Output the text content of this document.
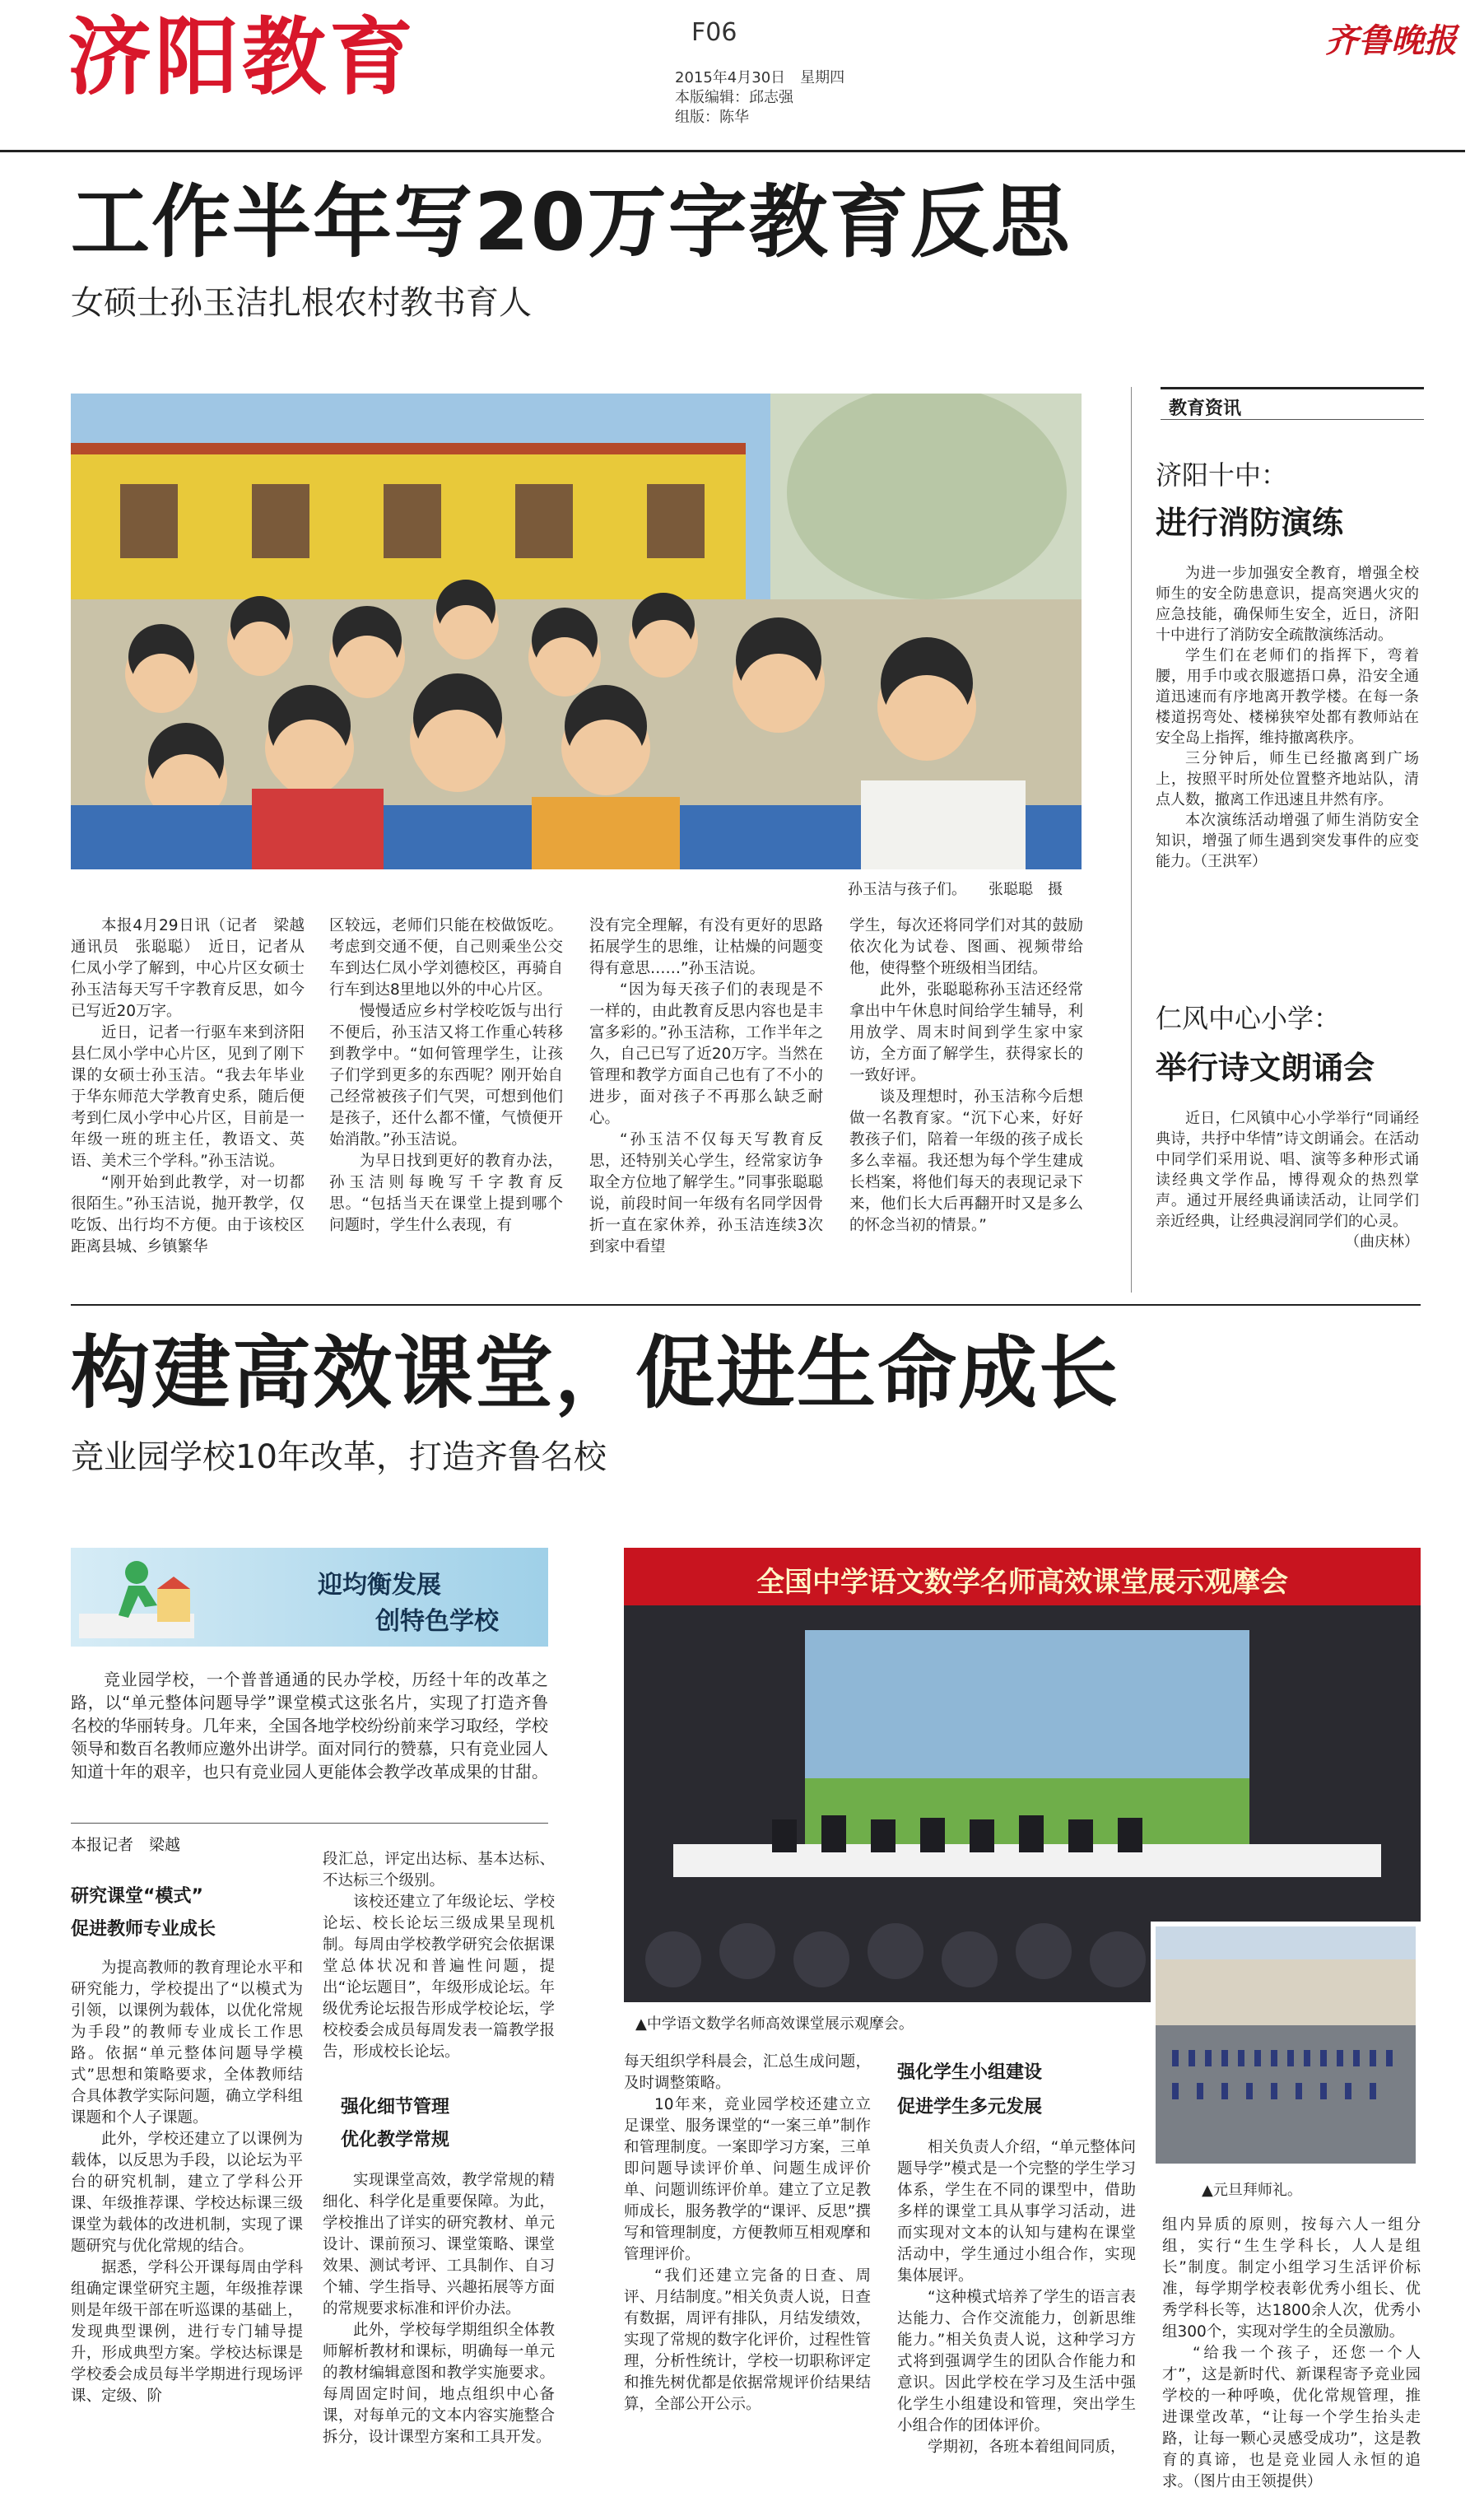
济阳教育	F06
2015年4月30日　星期四
本版编辑：邱志强
组版：陈华
齐鲁晚报
工作半年写20万字教育反思
女硕士孙玉洁扎根农村教书育人
孙玉洁与孩子们。　　张聪聪　摄

本报4月29日讯（记者　梁越　通讯员　张聪聪）　近日，记者从仁凤小学了解到，中心片区女硕士孙玉洁每天写千字教育反思，如今已写近20万字。

近日，记者一行驱车来到济阳县仁凤小学中心片区，见到了刚下课的女硕士孙玉洁。“我去年毕业于华东师范大学教育史系，随后便考到仁凤小学中心片区，目前是一年级一班的班主任，教语文、英语、美术三个学科。”孙玉洁说。

“刚开始到此教学，对一切都很陌生。”孙玉洁说，抛开教学，仅吃饭、出行均不方便。由于该校区距离县城、乡镇繁华

区较远，老师们只能在校做饭吃。考虑到交通不便，自己则乘坐公交车到达仁凤小学刘德校区，再骑自行车到达8里地以外的中心片区。

慢慢适应乡村学校吃饭与出行不便后，孙玉洁又将工作重心转移到教学中。“如何管理学生，让孩子们学到更多的东西呢？刚开始自己经常被孩子们气哭，可想到他们是孩子，还什么都不懂，气愤便开始消散。”孙玉洁说。

为早日找到更好的教育办法，孙玉洁则每晚写千字教育反思。“包括当天在课堂上提到哪个问题时，学生什么表现，有

没有完全理解，有没有更好的思路拓展学生的思维，让枯燥的问题变得有意思……”孙玉洁说。

“因为每天孩子们的表现是不一样的，由此教育反思内容也是丰富多彩的。”孙玉洁称，工作半年之久，自己已写了近20万字。当然在管理和教学方面自己也有了不小的进步，面对孩子不再那么缺乏耐心。

“孙玉洁不仅每天写教育反思，还特别关心学生，经常家访争取全方位地了解学生。”同事张聪聪说，前段时间一年级有名同学因骨折一直在家休养，孙玉洁连续3次到家中看望

学生，每次还将同学们对其的鼓励依次化为试卷、图画、视频带给他，使得整个班级相当团结。

此外，张聪聪称孙玉洁还经常拿出中午休息时间给学生辅导，利用放学、周末时间到学生家中家访，全方面了解学生，获得家长的一致好评。

谈及理想时，孙玉洁称今后想做一名教育家。“沉下心来，好好教孩子们，陪着一年级的孩子成长多么幸福。我还想为每个学生建成长档案，将他们每天的表现记录下来，他们长大后再翻开时又是多么的怀念当初的情景。”

教育资讯
济阳十中：
进行消防演练

为进一步加强安全教育，增强全校师生的安全防患意识，提高突遇火灾的应急技能，确保师生安全，近日，济阳十中进行了消防安全疏散演练活动。

学生们在老师们的指挥下，弯着腰，用手巾或衣服遮捂口鼻，沿安全通道迅速而有序地离开教学楼。在每一条楼道拐弯处、楼梯狭窄处都有教师站在安全岛上指挥，维持撤离秩序。

三分钟后，师生已经撤离到广场上，按照平时所处位置整齐地站队，清点人数，撤离工作迅速且井然有序。

本次演练活动增强了师生消防安全知识，增强了师生遇到突发事件的应变能力。（王洪军）

仁风中心小学：
举行诗文朗诵会

近日，仁风镇中心小学举行“同诵经典诗，共抒中华情”诗文朗诵会。在活动中同学们采用说、唱、演等多种形式诵读经典文学作品，博得观众的热烈掌声。通过开展经典诵读活动，让同学们亲近经典，让经典浸润同学们的心灵。

（曲庆林）
构建高效课堂，促进生命成长
竞业园学校10年改革，打造齐鲁名校
迎均衡发展
创特色学校

竞业园学校，一个普普通通的民办学校，历经十年的改革之路，以“单元整体问题导学”课堂模式这张名片，实现了打造齐鲁名校的华丽转身。几年来，全国各地学校纷纷前来学习取经，学校领导和数百名教师应邀外出讲学。面对同行的赞慕，只有竞业园人知道十年的艰辛，也只有竞业园人更能体会教学改革成果的甘甜。

本报记者　梁越
全国中学语文数学名师高效课堂展示观摩会
▲中学语文数学名师高效课堂展示观摩会。
▲元旦拜师礼。
研究课堂“模式”
促进教师专业成长

为提高教师的教育理论水平和研究能力，学校提出了“以模式为引领，以课例为载体，以优化常规为手段”的教师专业成长工作思路。依据“单元整体问题导学模式”思想和策略要求，全体教师结合具体教学实际问题，确立学科组课题和个人子课题。

此外，学校还建立了以课例为载体，以反思为手段，以论坛为平台的研究机制，建立了学科公开课、年级推荐课、学校达标课三级课堂为载体的改进机制，实现了课题研究与优化常规的结合。

据悉，学科公开课每周由学科组确定课堂研究主题，年级推荐课则是年级干部在听巡课的基础上，发现典型课例，进行专门辅导提升，形成典型方案。学校达标课是学校委会成员每半学期进行现场评课、定级、阶

段汇总，评定出达标、基本达标、不达标三个级别。

该校还建立了年级论坛、学校论坛、校长论坛三级成果呈现机制。每周由学校教学研究会依据课堂总体状况和普遍性问题，提出“论坛题目”，年级形成论坛。年级优秀论坛报告形成学校论坛，学校校委会成员每周发表一篇教学报告，形成校长论坛。

强化细节管理
优化教学常规

实现课堂高效，教学常规的精细化、科学化是重要保障。为此，学校推出了详实的研究教材、单元设计、课前预习、课堂策略、课堂效果、测试考评、工具制作、自习个辅、学生指导、兴趣拓展等方面的常规要求标准和评价办法。

此外，学校每学期组织全体教师解析教材和课标，明确每一单元的教材编辑意图和教学实施要求。每周固定时间，地点组织中心备课，对每单元的文本内容实施整合拆分，设计课型方案和工具开发。

每天组织学科晨会，汇总生成问题，及时调整策略。

10年来，竞业园学校还建立立足课堂、服务课堂的“一案三单”制作和管理制度。一案即学习方案，三单即问题导读评价单、问题生成评价单、问题训练评价单。建立了立足教师成长，服务教学的“课评、反思”撰写和管理制度，方便教师互相观摩和管理评价。

“我们还建立完备的日查、周评、月结制度。”相关负责人说，日查有数据，周评有排队，月结发绩效，实现了常规的数字化评价，过程性管理，分析性统计，学校一切职称评定和推先树优都是依据常规评价结果结算，全部公开公示。

强化学生小组建设
促进学生多元发展

相关负责人介绍，“单元整体问题导学”模式是一个完整的学生学习体系，学生在不同的课型中，借助多样的课堂工具从事学习活动，进而实现对文本的认知与建构在课堂活动中，学生通过小组合作，实现集体展评。

“这种模式培养了学生的语言表达能力、合作交流能力，创新思维能力。”相关负责人说，这种学习方式将到强调学生的团队合作能力和意识。因此学校在学习及生活中强化学生小组建设和管理，突出学生小组合作的团体评价。

学期初，各班本着组间同质，

组内异质的原则，按每六人一组分组，实行“生生学科长，人人是组长”制度。制定小组学习生活评价标准，每学期学校表彰优秀小组长、优秀学科长等，达1800余人次，优秀小组300个，实现对学生的全员激励。

“给我一个孩子，还您一个人才”，这是新时代、新课程寄予竞业园学校的一种呼唤，优化常规管理，推进课堂改革，“让每一个学生抬头走路，让每一颗心灵感受成功”，这是教育的真谛，也是竞业园人永恒的追求。（图片由王领提供）
